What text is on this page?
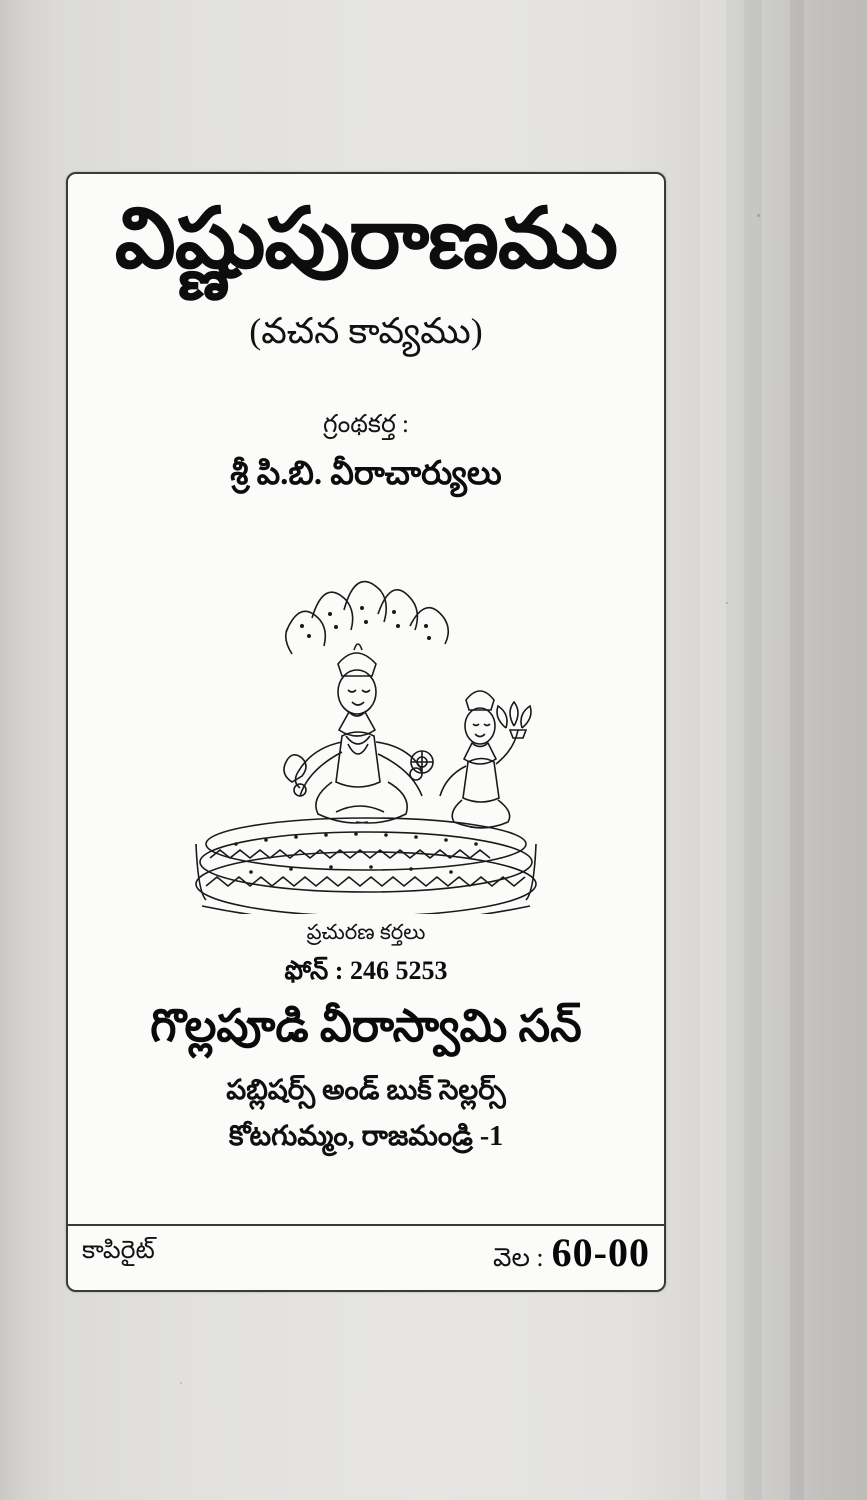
విష్ణుపురాణము
(వచన కావ్యము)
గ్రంథకర్త :
శ్రీ పి.బి. వీరాచార్యులు
ప్రచురణ కర్తలు
ఫోన్ : 246 5253
గొల్లపూడి వీరాస్వామి సన్
పబ్లిషర్స్ అండ్ బుక్ సెల్లర్స్
కోటగుమ్మం, రాజమండ్రి -1
కాపిరైట్	వెల : 60-00
